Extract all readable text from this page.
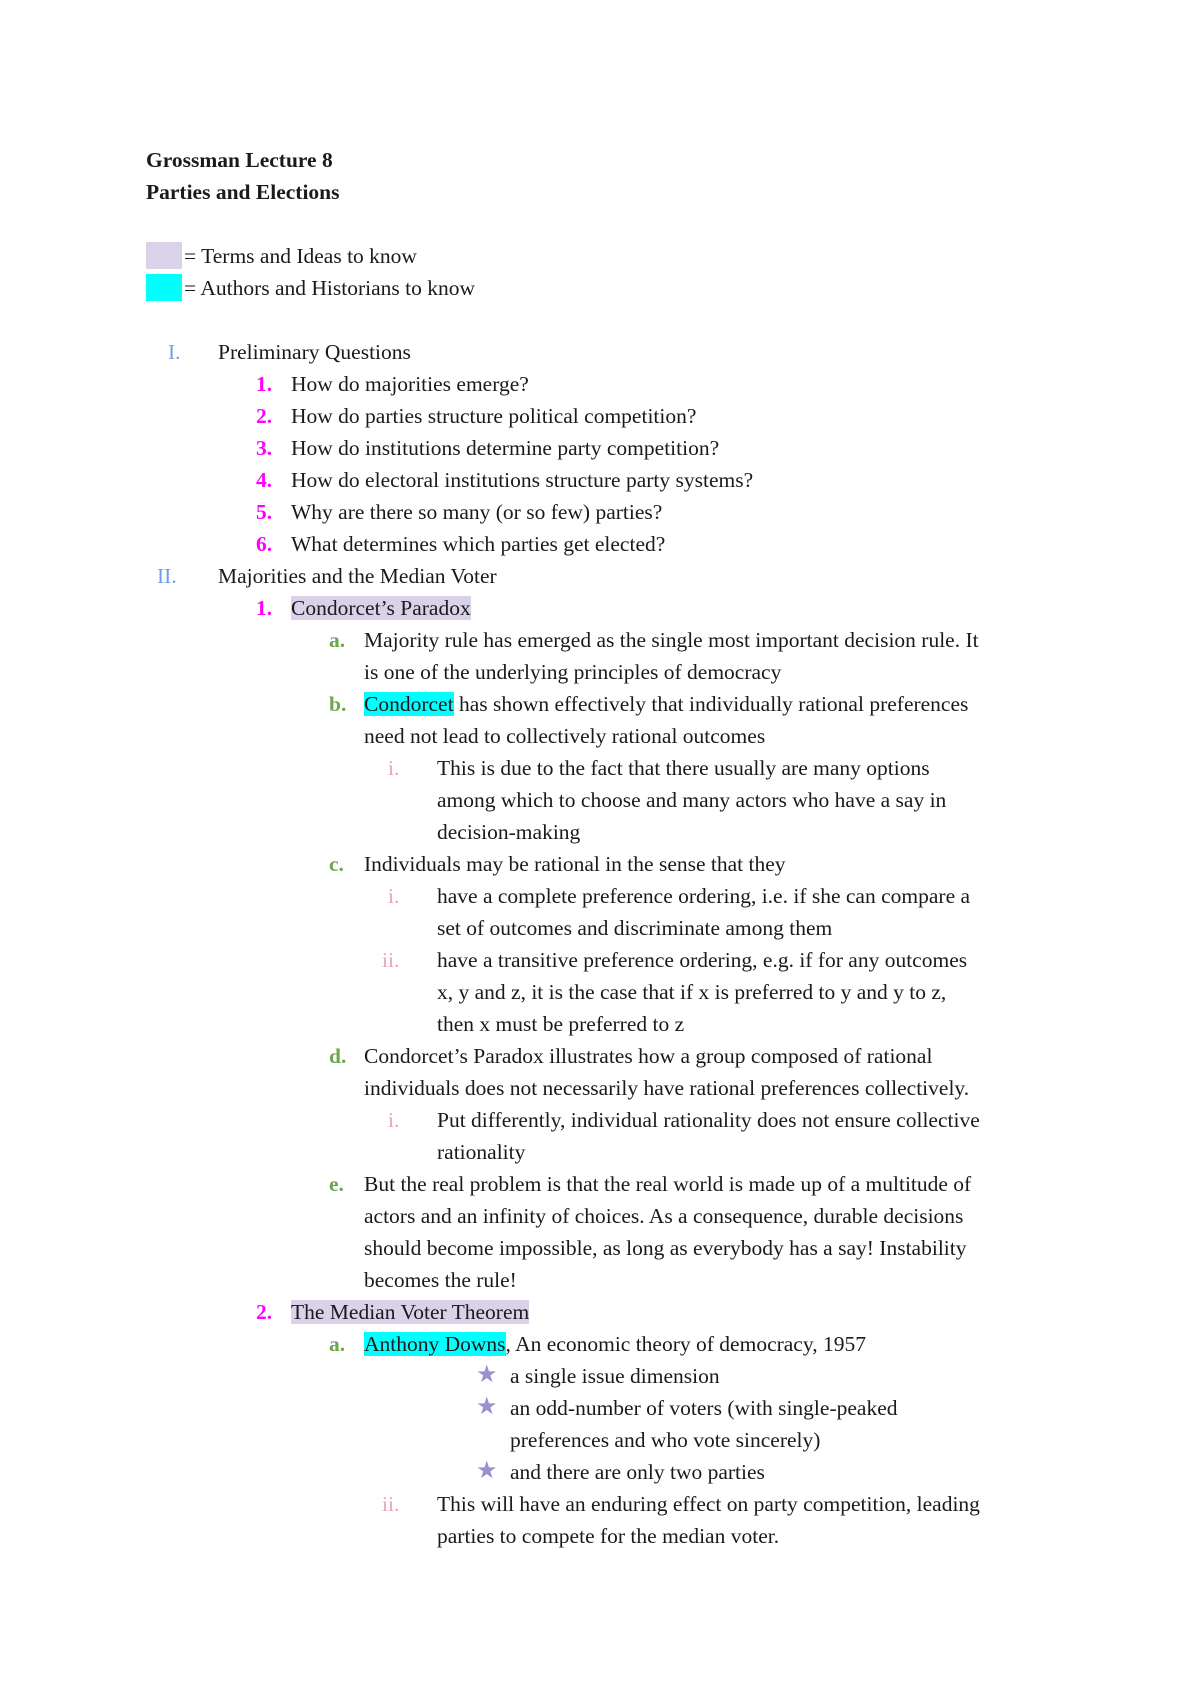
Grossman Lecture 8
Parties and Elections
= Terms and Ideas to know
= Authors and Historians to know
I. Preliminary Questions
1. How do majorities emerge?
2. How do parties structure political competition?
3. How do institutions determine party competition?
4. How do electoral institutions structure party systems?
5. Why are there so many (or so few) parties?
6. What determines which parties get elected?
II. Majorities and the Median Voter
1. Condorcet’s Paradox
a. Majority rule has emerged as the single most important decision rule. It
is one of the underlying principles of democracy
b. Condorcet has shown effectively that individually rational preferences
need not lead to collectively rational outcomes
i. This is due to the fact that there usually are many options
among which to choose and many actors who have a say in
decision-making
c. Individuals may be rational in the sense that they
i. have a complete preference ordering, i.e. if she can compare a
set of outcomes and discriminate among them
ii. have a transitive preference ordering, e.g. if for any outcomes
x, y and z, it is the case that if x is preferred to y and y to z,
then x must be preferred to z
d. Condorcet’s Paradox illustrates how a group composed of rational
individuals does not necessarily have rational preferences collectively.
i. Put differently, individual rationality does not ensure collective
rationality
e. But the real problem is that the real world is made up of a multitude of
actors and an infinity of choices. As a consequence, durable decisions
should become impossible, as long as everybody has a say! Instability
becomes the rule!
2. The Median Voter Theorem
a. Anthony Downs, An economic theory of democracy, 1957
★ a single issue dimension
★ an odd-number of voters (with single-peaked
preferences and who vote sincerely)
★ and there are only two parties
ii. This will have an enduring effect on party competition, leading
parties to compete for the median voter.
